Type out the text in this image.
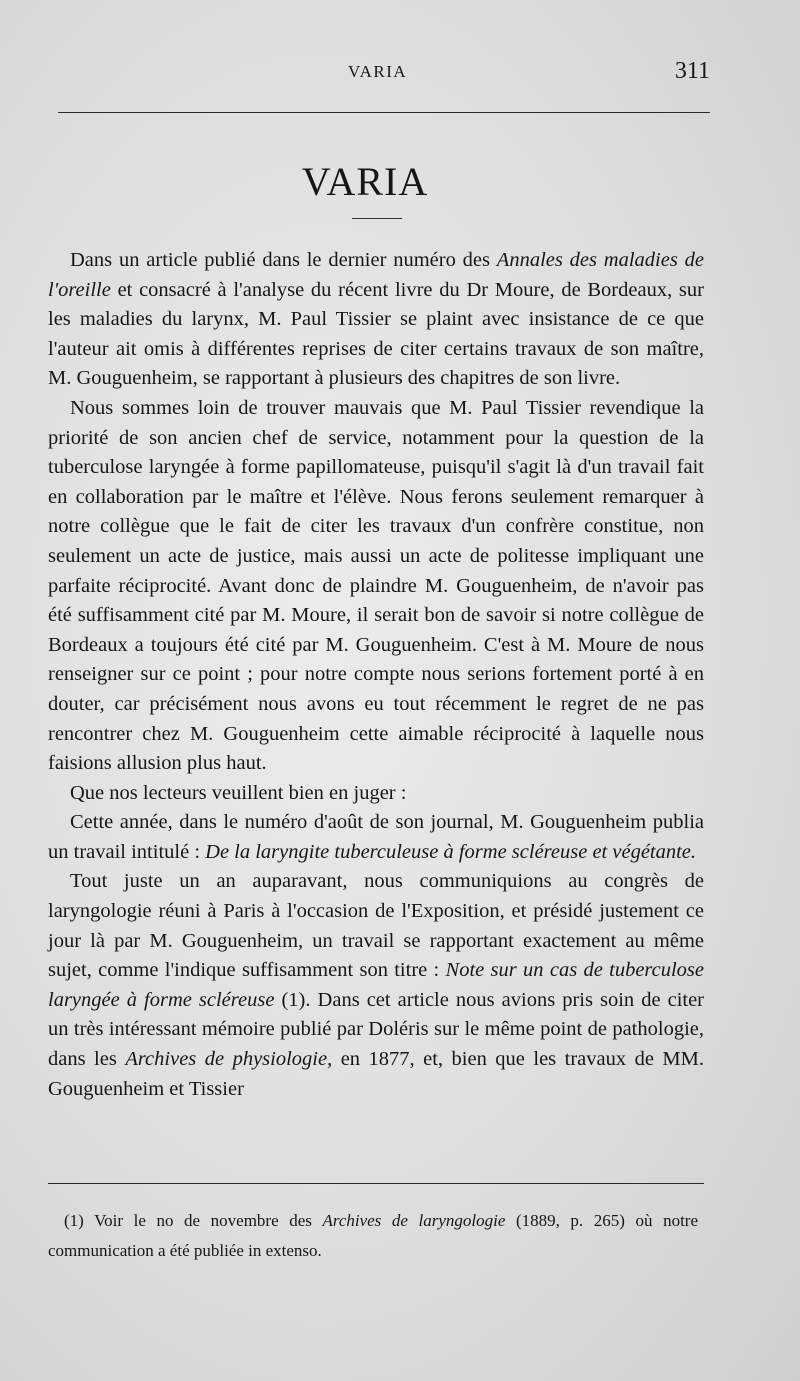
VARIA	311
VARIA

Dans un article publié dans le dernier numéro des Annales des maladies de l'oreille et consacré à l'analyse du récent livre du Dr Moure, de Bordeaux, sur les maladies du larynx, M. Paul Tissier se plaint avec insistance de ce que l'auteur ait omis à différentes reprises de citer certains travaux de son maître, M. Gouguenheim, se rapportant à plusieurs des chapitres de son livre.

Nous sommes loin de trouver mauvais que M. Paul Tissier revendique la priorité de son ancien chef de service, notamment pour la question de la tuberculose laryngée à forme papillomateuse, puisqu'il s'agit là d'un travail fait en collaboration par le maître et l'élève. Nous ferons seulement remarquer à notre collègue que le fait de citer les travaux d'un confrère constitue, non seulement un acte de justice, mais aussi un acte de politesse impliquant une parfaite réciprocité. Avant donc de plaindre M. Gouguenheim, de n'avoir pas été suffisamment cité par M. Moure, il serait bon de savoir si notre collègue de Bordeaux a toujours été cité par M. Gouguenheim. C'est à M. Moure de nous renseigner sur ce point ; pour notre compte nous serions fortement porté à en douter, car précisément nous avons eu tout récemment le regret de ne pas rencontrer chez M. Gouguenheim cette aimable réciprocité à laquelle nous faisions allusion plus haut.

Que nos lecteurs veuillent bien en juger :

Cette année, dans le numéro d'août de son journal, M. Gouguenheim publia un travail intitulé : De la laryngite tuberculeuse à forme scléreuse et végétante.

Tout juste un an auparavant, nous communiquions au congrès de laryngologie réuni à Paris à l'occasion de l'Exposition, et présidé justement ce jour là par M. Gouguenheim, un travail se rapportant exactement au même sujet, comme l'indique suffisamment son titre : Note sur un cas de tuberculose laryngée à forme scléreuse (1). Dans cet article nous avions pris soin de citer un très intéressant mémoire publié par Doléris sur le même point de pathologie, dans les Archives de physiologie, en 1877, et, bien que les travaux de MM. Gouguenheim et Tissier

(1) Voir le no de novembre des Archives de laryngologie (1889, p. 265) où notre communication a été publiée in extenso.
